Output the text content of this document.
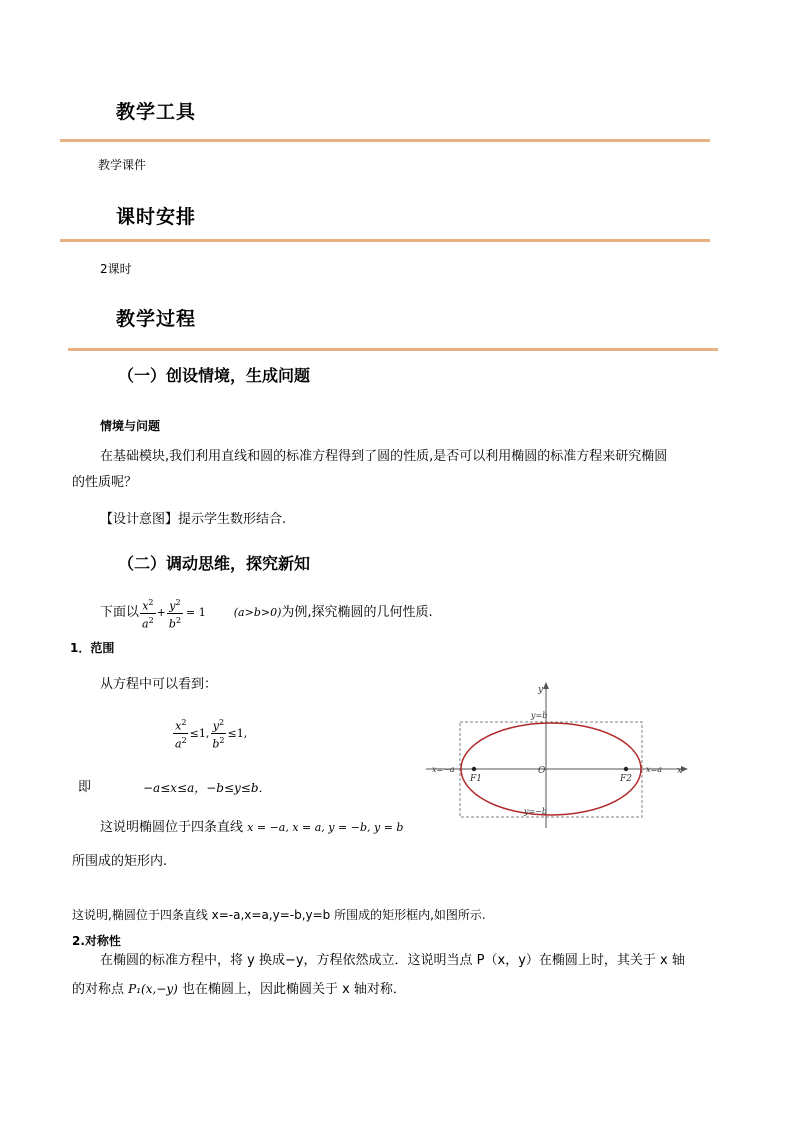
教学工具
教学课件
课时安排
2课时
教学过程
（一）创设情境，生成问题
情境与问题
在基础模块,我们利用直线和圆的标准方程得到了圆的性质,是否可以利用椭圆的标准方程来研究椭圆
的性质呢？
【设计意图】提示学生数形结合.
（二）调动思维，探究新知
下面以 $\frac{x^2}{a^2} + \frac{y^2}{b^2} = 1$	(a>b>0) 为例,探究椭圆的几何性质.
1．范围
从方程中可以看到：
$\frac{x^2}{a^2} \le 1$, $\frac{y^2}{b^2} \le 1$,
即	−a≤x≤a，−b≤y≤b．
这说明椭圆位于四条直线 x = −a, x = a, y = −b, y = b
所围成的矩形内.
这说明,椭圆位于四条直线 x=-a,x=a,y=-b,y=b 所围成的矩形框内,如图所示.
2.对称性
在椭圆的标准方程中，将 y 换成−y，方程依然成立．这说明当点 P（x，y）在椭圆上时，其关于 x 轴
的对称点 P₁(x,−y) 也在椭圆上，因此椭圆关于 x 轴对称．
y
x
F1	F2
O
y=b
y=−b
x=−a	x=a
